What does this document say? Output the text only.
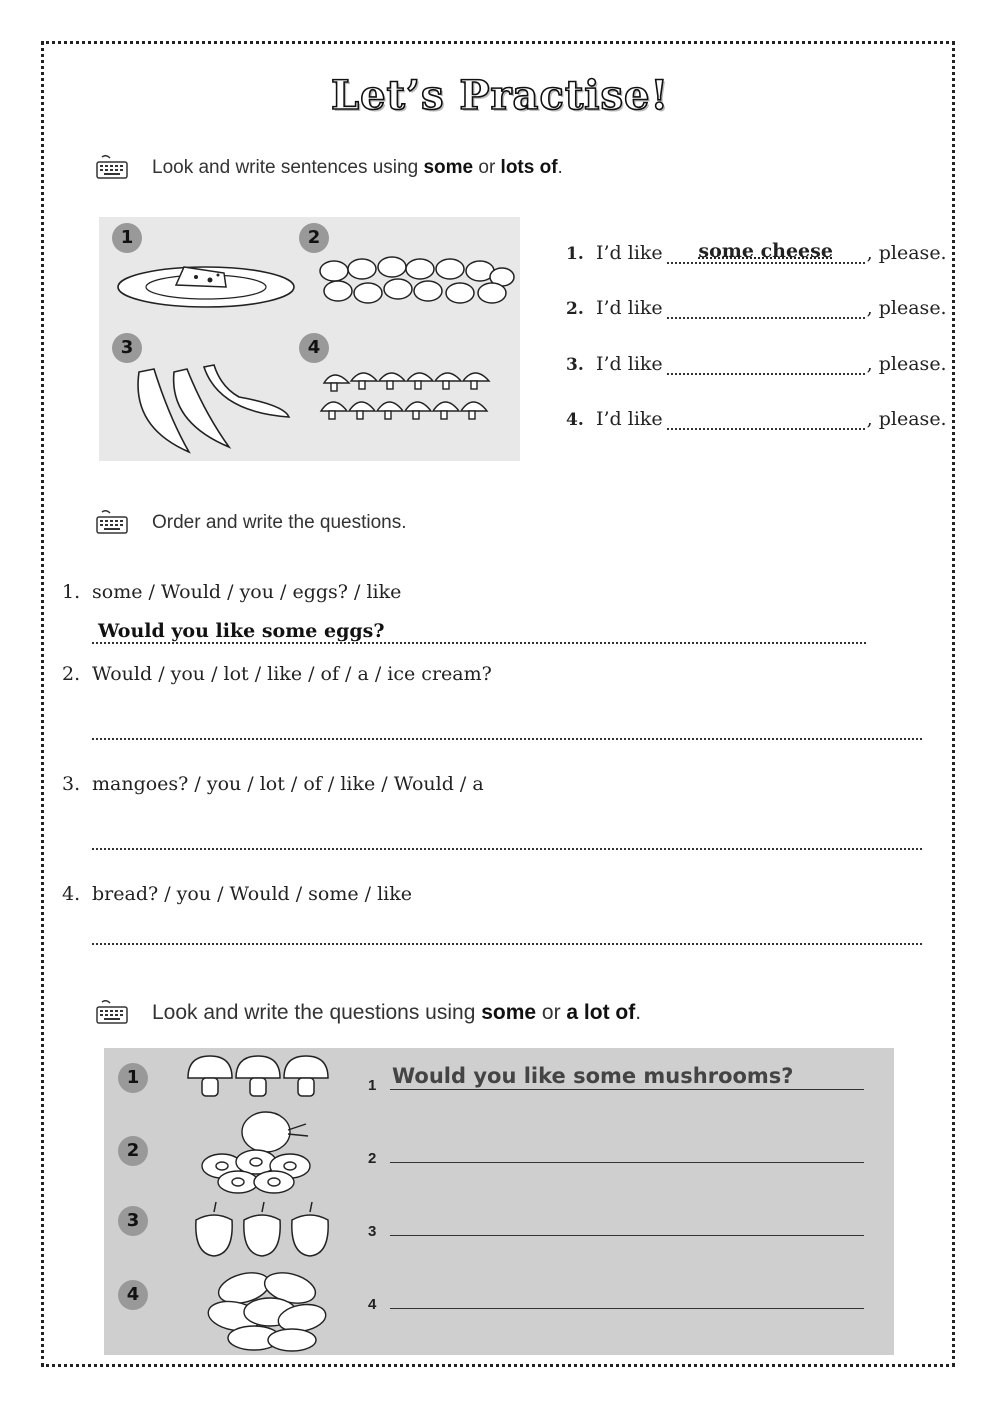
Let’s Practise!
Look and write sentences using some or lots of.
1	2
3	4
1. I’d like	some cheese	, please.
2. I’d like	, please.
3. I’d like	, please.
4. I’d like	, please.
Order and write the questions.
1. some / Would / you / eggs? / like
Would you like some eggs?
2. Would / you / lot / like / of / a / ice cream?
3. mangoes? / you / lot / of / like / Would / a
4. bread? / you / Would / some / like
Look and write the questions using some or a lot of.
1
2
3
4
1 Would you like some mushrooms?
2
3
4
